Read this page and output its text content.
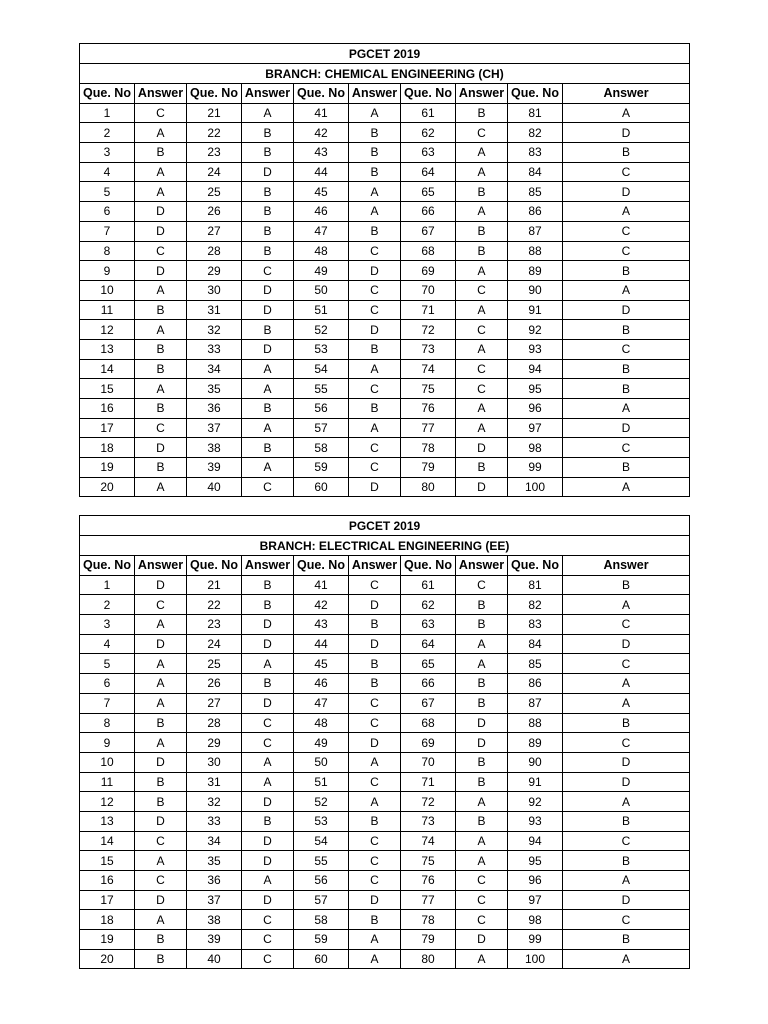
PGCET 2019									
BRANCH: CHEMICAL ENGINEERING (CH)									
Que. No	Answer	Que. No	Answer	Que. No	Answer	Que. No	Answer	Que. No	Answer
1	C	21	A	41	A	61	B	81	A
2	A	22	B	42	B	62	C	82	D
3	B	23	B	43	B	63	A	83	B
4	A	24	D	44	B	64	A	84	C
5	A	25	B	45	A	65	B	85	D
6	D	26	B	46	A	66	A	86	A
7	D	27	B	47	B	67	B	87	C
8	C	28	B	48	C	68	B	88	C
9	D	29	C	49	D	69	A	89	B
10	A	30	D	50	C	70	C	90	A
11	B	31	D	51	C	71	A	91	D
12	A	32	B	52	D	72	C	92	B
13	B	33	D	53	B	73	A	93	C
14	B	34	A	54	A	74	C	94	B
15	A	35	A	55	C	75	C	95	B
16	B	36	B	56	B	76	A	96	A
17	C	37	A	57	A	77	A	97	D
18	D	38	B	58	C	78	D	98	C
19	B	39	A	59	C	79	B	99	B
20	A	40	C	60	D	80	D	100	A
PGCET 2019									
BRANCH: ELECTRICAL ENGINEERING (EE)									
Que. No	Answer	Que. No	Answer	Que. No	Answer	Que. No	Answer	Que. No	Answer
1	D	21	B	41	C	61	C	81	B
2	C	22	B	42	D	62	B	82	A
3	A	23	D	43	B	63	B	83	C
4	D	24	D	44	D	64	A	84	D
5	A	25	A	45	B	65	A	85	C
6	A	26	B	46	B	66	B	86	A
7	A	27	D	47	C	67	B	87	A
8	B	28	C	48	C	68	D	88	B
9	A	29	C	49	D	69	D	89	C
10	D	30	A	50	A	70	B	90	D
11	B	31	A	51	C	71	B	91	D
12	B	32	D	52	A	72	A	92	A
13	D	33	B	53	B	73	B	93	B
14	C	34	D	54	C	74	A	94	C
15	A	35	D	55	C	75	A	95	B
16	C	36	A	56	C	76	C	96	A
17	D	37	D	57	D	77	C	97	D
18	A	38	C	58	B	78	C	98	C
19	B	39	C	59	A	79	D	99	B
20	B	40	C	60	A	80	A	100	A
